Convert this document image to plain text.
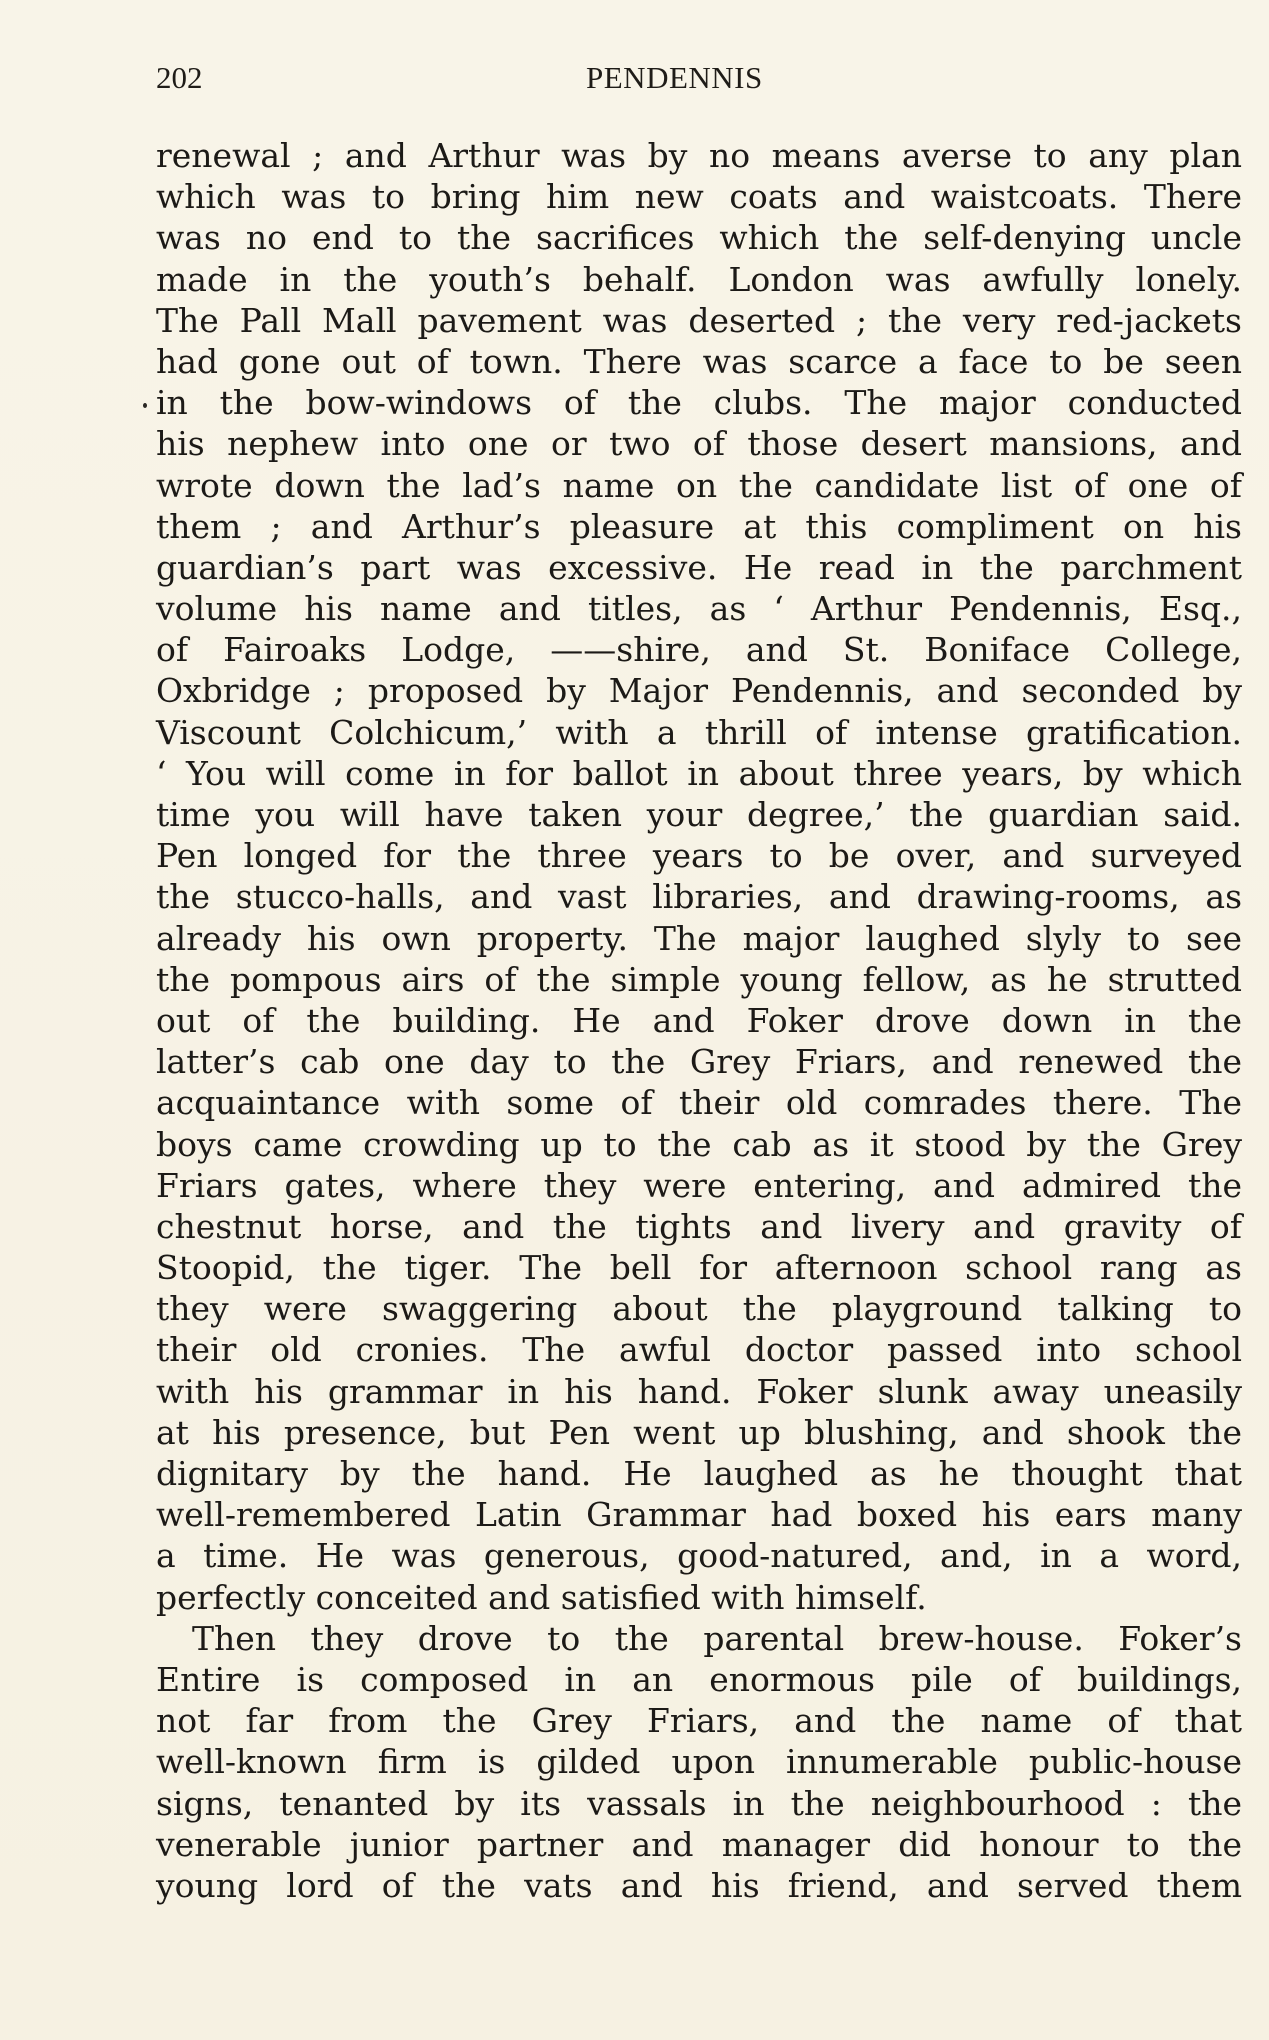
202	PENDENNIS
renewal ; and Arthur was by no means averse to any plan
which was to bring him new coats and waistcoats. There
was no end to the sacrifices which the self-denying uncle
made in the youth’s behalf. London was awfully lonely.
The Pall Mall pavement was deserted ; the very red-jackets
had gone out of town. There was scarce a face to be seen
in the bow-windows of the clubs. The major conducted
his nephew into one or two of those desert mansions, and
wrote down the lad’s name on the candidate list of one of
them ; and Arthur’s pleasure at this compliment on his
guardian’s part was excessive. He read in the parchment
volume his name and titles, as ‘ Arthur Pendennis, Esq.,
of Fairoaks Lodge, ——shire, and St. Boniface College,
Oxbridge ; proposed by Major Pendennis, and seconded by
Viscount Colchicum,’ with a thrill of intense gratification.
‘ You will come in for ballot in about three years, by which
time you will have taken your degree,’ the guardian said.
Pen longed for the three years to be over, and surveyed
the stucco-halls, and vast libraries, and drawing-rooms, as
already his own property. The major laughed slyly to see
the pompous airs of the simple young fellow, as he strutted
out of the building. He and Foker drove down in the
latter’s cab one day to the Grey Friars, and renewed the
acquaintance with some of their old comrades there. The
boys came crowding up to the cab as it stood by the Grey
Friars gates, where they were entering, and admired the
chestnut horse, and the tights and livery and gravity of
Stoopid, the tiger. The bell for afternoon school rang as
they were swaggering about the playground talking to
their old cronies. The awful doctor passed into school
with his grammar in his hand. Foker slunk away uneasily
at his presence, but Pen went up blushing, and shook the
dignitary by the hand. He laughed as he thought that
well-remembered Latin Grammar had boxed his ears many
a time. He was generous, good-natured, and, in a word,
perfectly conceited and satisfied with himself.
Then they drove to the parental brew-house. Foker’s
Entire is composed in an enormous pile of buildings,
not far from the Grey Friars, and the name of that
well-known firm is gilded upon innumerable public-house
signs, tenanted by its vassals in the neighbourhood : the
venerable junior partner and manager did honour to the
young lord of the vats and his friend, and served them
